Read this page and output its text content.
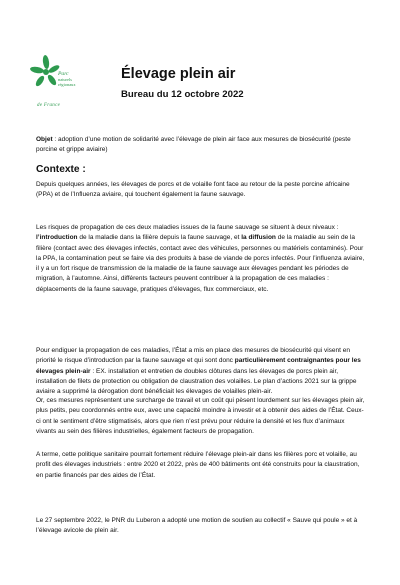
Parc
naturels
régionaux
de France
Élevage plein air
Bureau du 12 octobre 2022
Objet : adoption d’une motion de solidarité avec l’élevage de plein air face aux mesures de biosécurité (peste porcine et grippe aviaire)
Contexte :
Depuis quelques années, les élevages de porcs et de volaille font face au retour de la peste porcine africaine (PPA) et de l’Influenza aviaire, qui touchent également la faune sauvage.
Les risques de propagation de ces deux maladies issues de la faune sauvage se situent à deux niveaux : l’introduction de la maladie dans la filière depuis la faune sauvage, et la diffusion de la maladie au sein de la filière (contact avec des élevages infectés, contact avec des véhicules, personnes ou matériels contaminés). Pour la PPA, la contamination peut se faire via des produits à base de viande de porcs infectés. Pour l’influenza aviaire, il y a un fort risque de transmission de la maladie de la faune sauvage aux élevages pendant les périodes de migration, à l’automne. Ainsi, différents facteurs peuvent contribuer à la propagation de ces maladies : déplacements de la faune sauvage, pratiques d’élevages, flux commerciaux, etc.
Pour endiguer la propagation de ces maladies, l’État a mis en place des mesures de biosécurité qui visent en priorité le risque d’introduction par la faune sauvage et qui sont donc particulièrement contraignantes pour les élevages plein-air : EX. installation et entretien de doubles clôtures dans les élevages de porcs plein air, installation de filets de protection ou obligation de claustration des volailles. Le plan d’actions 2021 sur la grippe aviaire a supprimé la dérogation dont bénéficiait les élevages de volailles plein-air.
Or, ces mesures représentent une surcharge de travail et un coût qui pèsent lourdement sur les élevages plein air, plus petits, peu coordonnés entre eux, avec une capacité moindre à investir et à obtenir des aides de l’État. Ceux-ci ont le sentiment d’être stigmatisés, alors que rien n’est prévu pour réduire la densité et les flux d’animaux vivants au sein des filières industrielles, également facteurs de propagation.
A terme, cette politique sanitaire pourrait fortement réduire l’élevage plein-air dans les filières porc et volaille, au profit des élevages industriels : entre 2020 et 2022, près de 400 bâtiments ont été construits pour la claustration, en partie financés par des aides de l’État.
Le 27 septembre 2022, le PNR du Luberon a adopté une motion de soutien au collectif « Sauve qui poule » et à l’élevage avicole de plein air.
